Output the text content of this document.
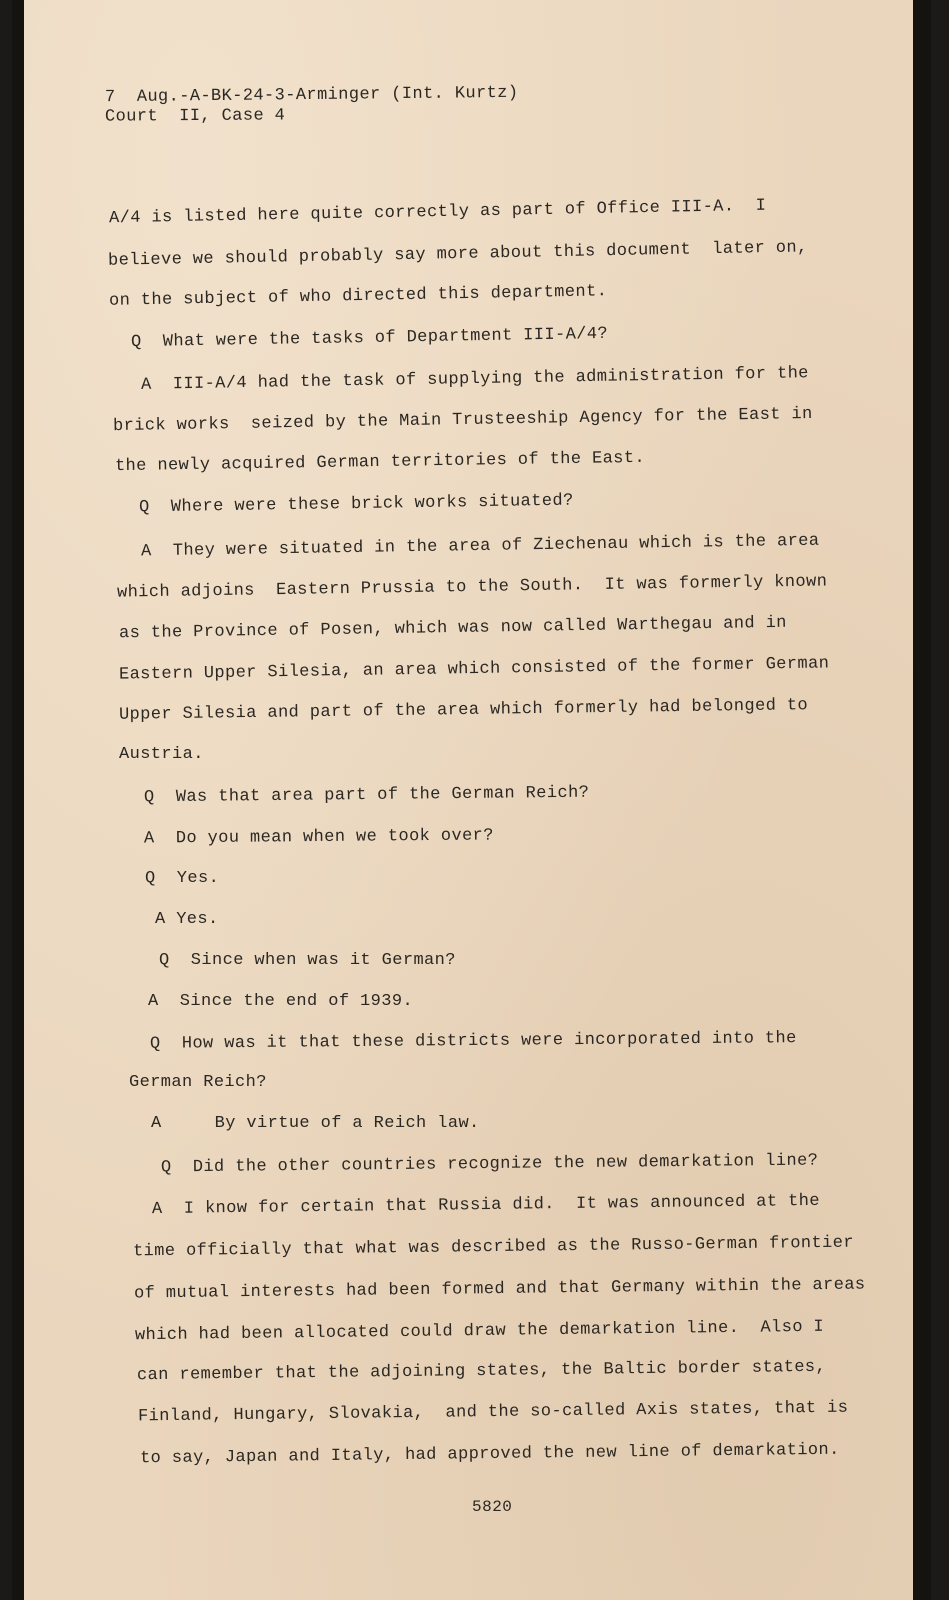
7  Aug.-A-BK-24-3-Arminger (Int. Kurtz)
Court  II, Case 4
A/4 is listed here quite correctly as part of Office III-A.  I
believe we should probably say more about this document  later on,
on the subject of who directed this department.
Q  What were the tasks of Department III-A/4?
A  III-A/4 had the task of supplying the administration for the
brick works  seized by the Main Trusteeship Agency for the East in
the newly acquired German territories of the East.
Q  Where were these brick works situated?
A  They were situated in the area of Ziechenau which is the area
which adjoins  Eastern Prussia to the South.  It was formerly known
as the Province of Posen, which was now called Warthegau and in
Eastern Upper Silesia, an area which consisted of the former German
Upper Silesia and part of the area which formerly had belonged to
Austria.
Q  Was that area part of the German Reich?
A  Do you mean when we took over?
Q  Yes.
A Yes.
Q  Since when was it German?
A  Since the end of 1939.
Q  How was it that these districts were incorporated into the
German Reich?
A     By virtue of a Reich law.
Q  Did the other countries recognize the new demarkation line?
A  I know for certain that Russia did.  It was announced at the
time officially that what was described as the Russo-German frontier
of mutual interests had been formed and that Germany within the areas
which had been allocated could draw the demarkation line.  Also I
can remember that the adjoining states, the Baltic border states,
Finland, Hungary, Slovakia,  and the so-called Axis states, that is
to say, Japan and Italy, had approved the new line of demarkation.
5820
